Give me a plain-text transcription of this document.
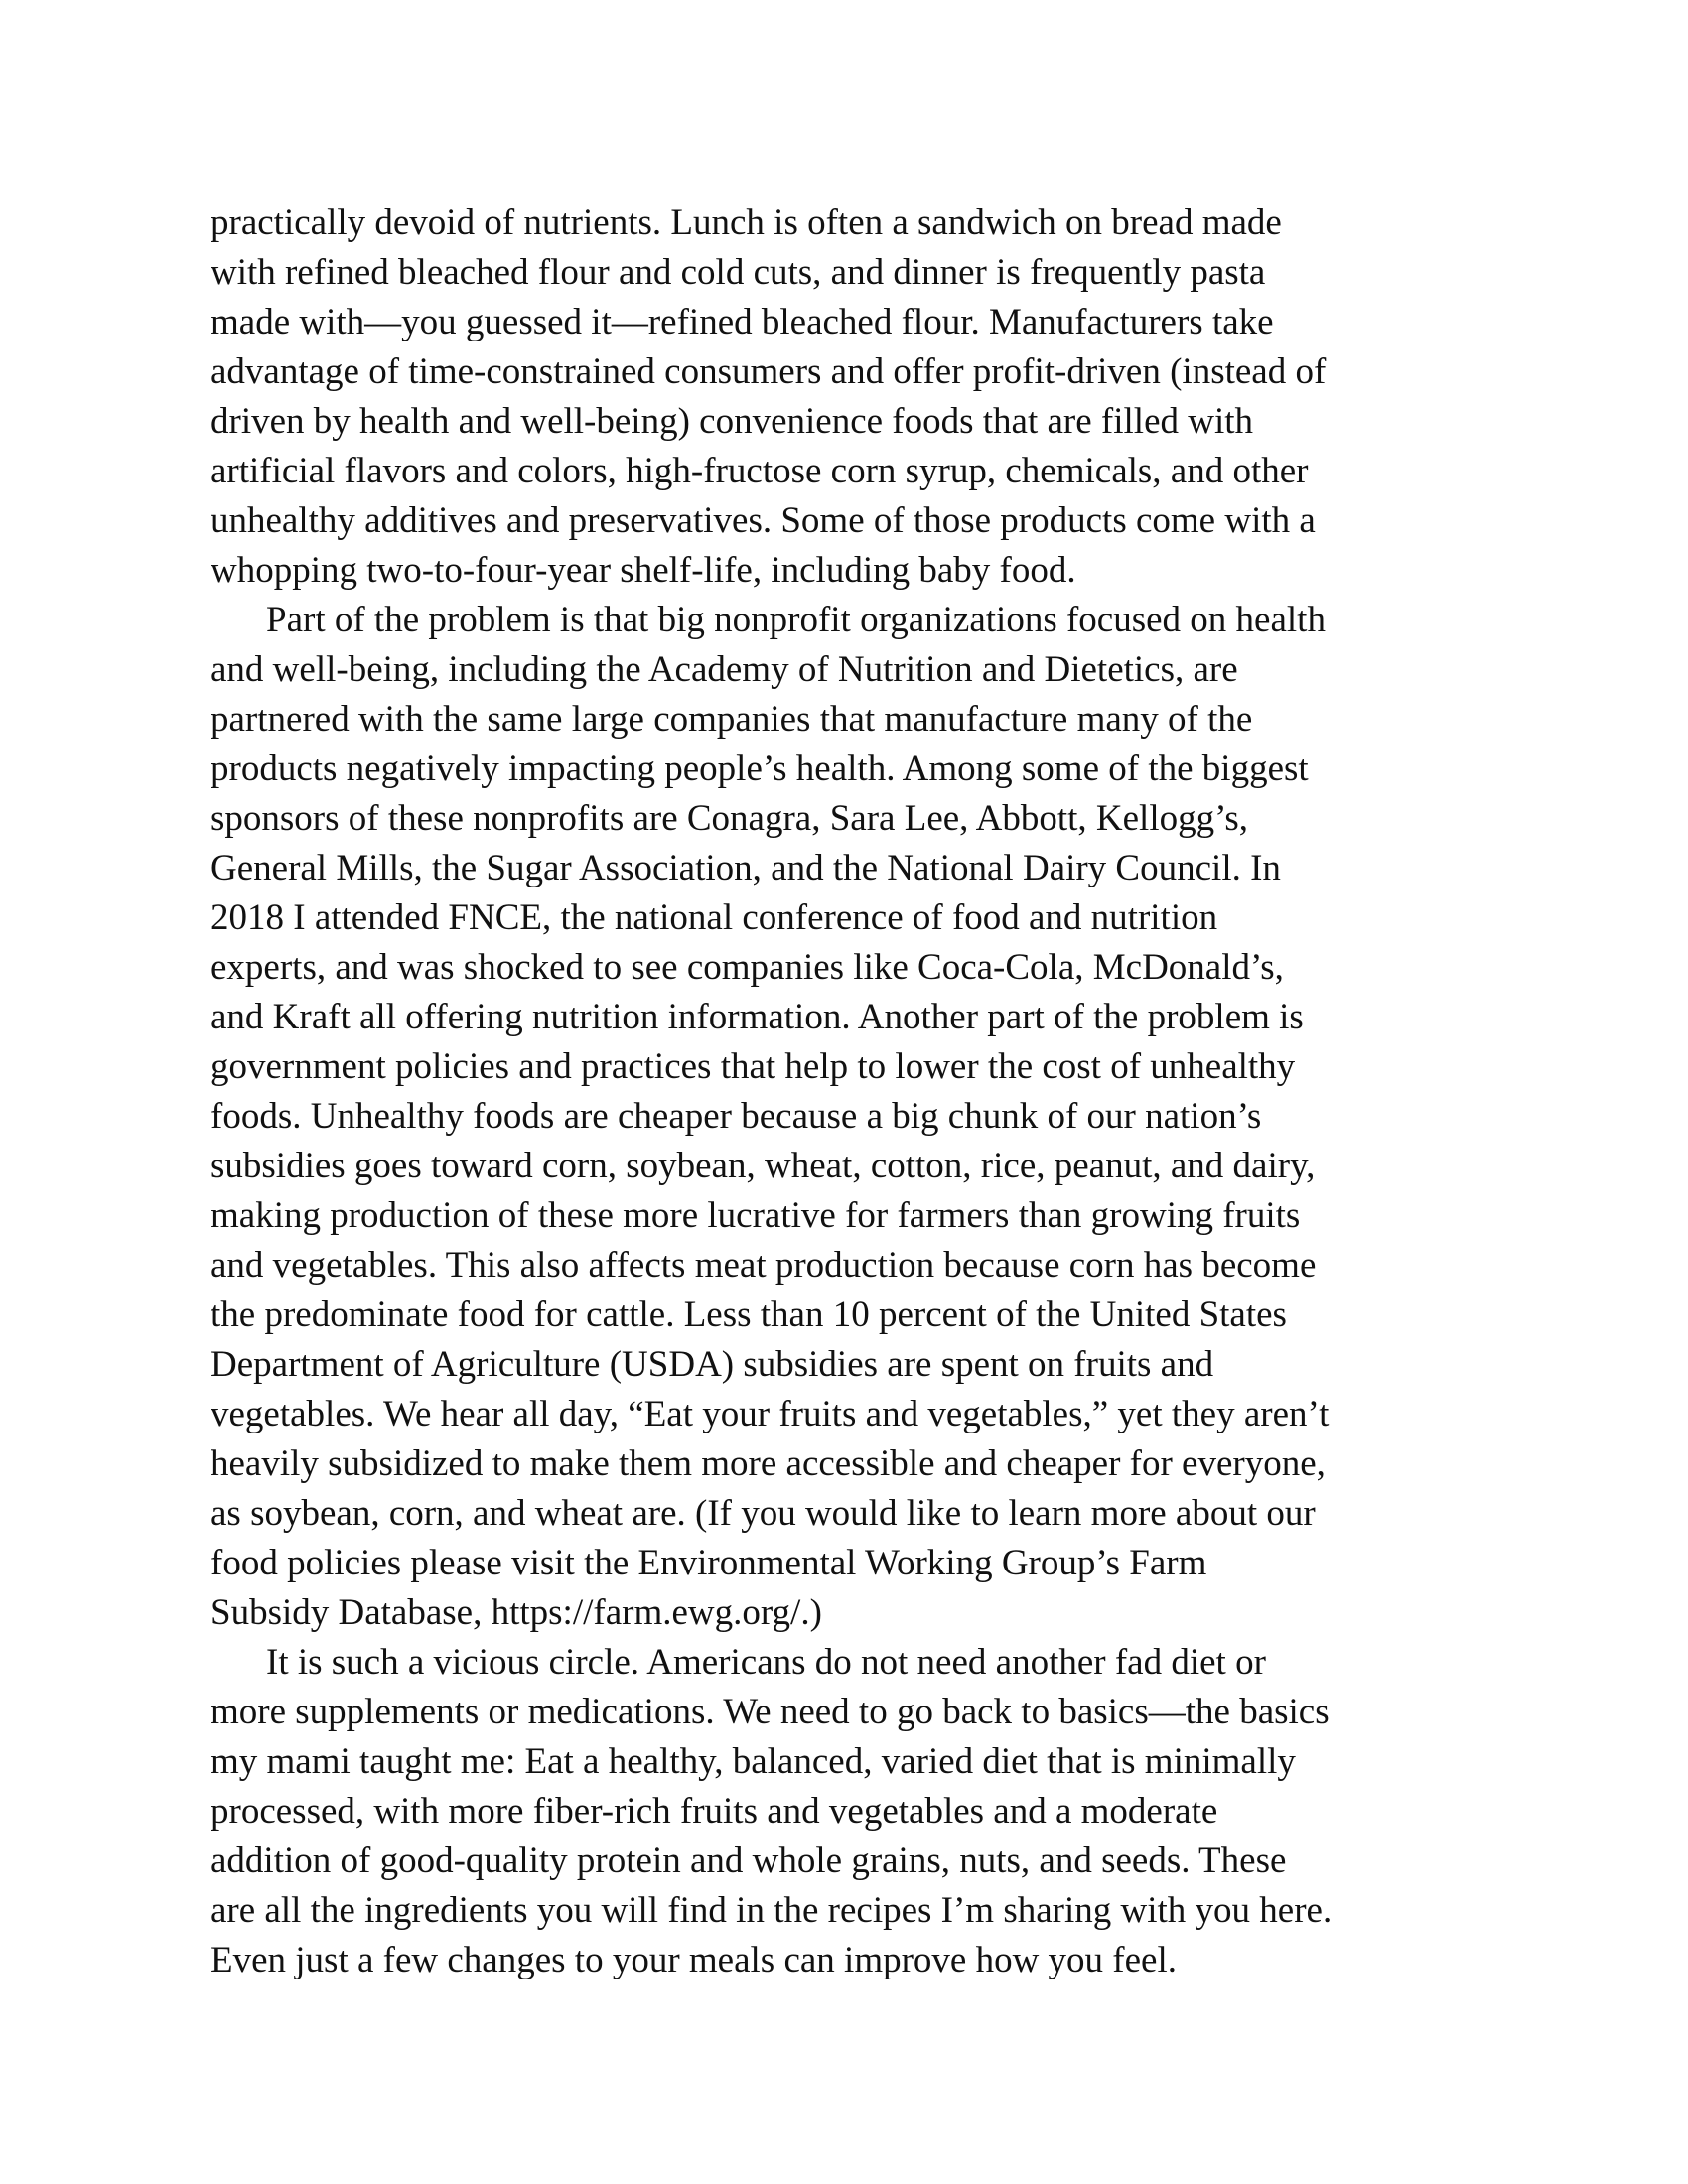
practically devoid of nutrients. Lunch is often a sandwich on bread made
with refined bleached flour and cold cuts, and dinner is frequently pasta
made with—you guessed it—refined bleached flour. Manufacturers take
advantage of time-constrained consumers and offer profit-driven (instead of
driven by health and well-being) convenience foods that are filled with
artificial flavors and colors, high-fructose corn syrup, chemicals, and other
unhealthy additives and preservatives. Some of those products come with a
whopping two-to-four-year shelf-life, including baby food.
Part of the problem is that big nonprofit organizations focused on health
and well-being, including the Academy of Nutrition and Dietetics, are
partnered with the same large companies that manufacture many of the
products negatively impacting people’s health. Among some of the biggest
sponsors of these nonprofits are Conagra, Sara Lee, Abbott, Kellogg’s,
General Mills, the Sugar Association, and the National Dairy Council. In
2018 I attended FNCE, the national conference of food and nutrition
experts, and was shocked to see companies like Coca-Cola, McDonald’s,
and Kraft all offering nutrition information. Another part of the problem is
government policies and practices that help to lower the cost of unhealthy
foods. Unhealthy foods are cheaper because a big chunk of our nation’s
subsidies goes toward corn, soybean, wheat, cotton, rice, peanut, and dairy,
making production of these more lucrative for farmers than growing fruits
and vegetables. This also affects meat production because corn has become
the predominate food for cattle. Less than 10 percent of the United States
Department of Agriculture (USDA) subsidies are spent on fruits and
vegetables. We hear all day, “Eat your fruits and vegetables,” yet they aren’t
heavily subsidized to make them more accessible and cheaper for everyone,
as soybean, corn, and wheat are. (If you would like to learn more about our
food policies please visit the Environmental Working Group’s Farm
Subsidy Database, https://farm.ewg.org/.)
It is such a vicious circle. Americans do not need another fad diet or
more supplements or medications. We need to go back to basics—the basics
my mami taught me: Eat a healthy, balanced, varied diet that is minimally
processed, with more fiber-rich fruits and vegetables and a moderate
addition of good-quality protein and whole grains, nuts, and seeds. These
are all the ingredients you will find in the recipes I’m sharing with you here.
Even just a few changes to your meals can improve how you feel.
